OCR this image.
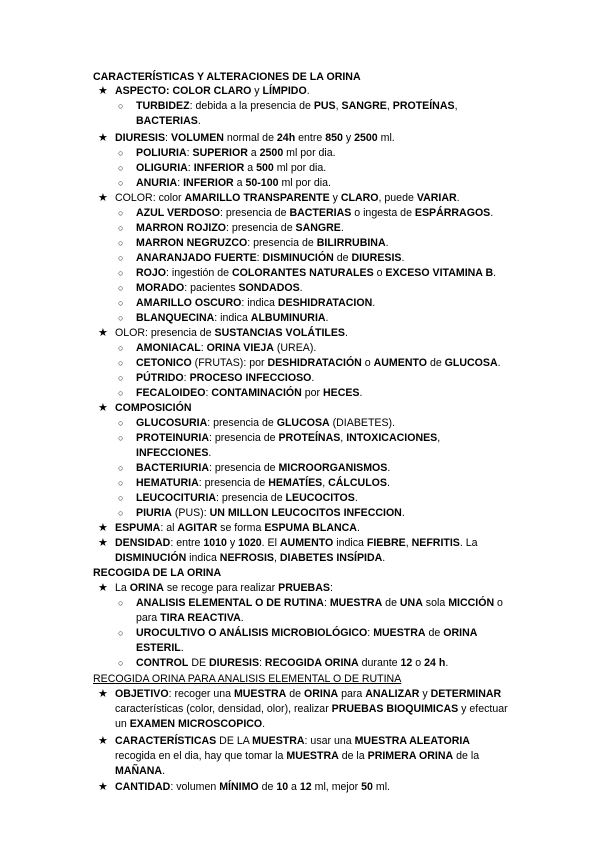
CARACTERÍSTICAS Y ALTERACIONES DE LA ORINA
★ ASPECTO: COLOR CLARO y LÍMPIDO.
○ TURBIDEZ: debida a la presencia de PUS, SANGRE, PROTEÍNAS,
BACTERIAS.
★ DIURESIS: VOLUMEN normal de 24h entre 850 y 2500 ml.
○ POLIURIA: SUPERIOR a 2500 ml por dia.
○ OLIGURIA: INFERIOR a 500 ml por dia.
○ ANURIA: INFERIOR a 50-100 ml por dia.
★ COLOR: color AMARILLO TRANSPARENTE y CLARO, puede VARIAR.
○ AZUL VERDOSO: presencia de BACTERIAS o ingesta de ESPÁRRAGOS.
○ MARRON ROJIZO: presencia de SANGRE.
○ MARRON NEGRUZCO: presencia de BILIRRUBINA.
○ ANARANJADO FUERTE: DISMINUCIÓN de DIURESIS.
○ ROJO: ingestión de COLORANTES NATURALES o EXCESO VITAMINA B.
○ MORADO: pacientes SONDADOS.
○ AMARILLO OSCURO: indica DESHIDRATACION.
○ BLANQUECINA: indica ALBUMINURIA.
★ OLOR: presencia de SUSTANCIAS VOLÁTILES.
○ AMONIACAL: ORINA VIEJA (UREA).
○ CETONICO (FRUTAS): por DESHIDRATACIÓN o AUMENTO de GLUCOSA.
○ PÚTRIDO: PROCESO INFECCIOSO.
○ FECALOIDEO: CONTAMINACIÓN por HECES.
★ COMPOSICIÓN
○ GLUCOSURIA: presencia de GLUCOSA (DIABETES).
○ PROTEINURIA: presencia de PROTEÍNAS, INTOXICACIONES,
INFECCIONES.
○ BACTERIURIA: presencia de MICROORGANISMOS.
○ HEMATURIA: presencia de HEMATÍES, CÁLCULOS.
○ LEUCOCITURIA: presencia de LEUCOCITOS.
○ PIURIA (PUS): UN MILLON LEUCOCITOS INFECCION.
★ ESPUMA: al AGITAR se forma ESPUMA BLANCA.
★ DENSIDAD: entre 1010 y 1020. El AUMENTO indica FIEBRE, NEFRITIS. La
DISMINUCIÓN indica NEFROSIS, DIABETES INSÍPIDA.
RECOGIDA DE LA ORINA
★ La ORINA se recoge para realizar PRUEBAS:
○ ANALISIS ELEMENTAL O DE RUTINA: MUESTRA de UNA sola MICCIÓN o
para TIRA REACTIVA.
○ UROCULTIVO O ANÁLISIS MICROBIOLÓGICO: MUESTRA de ORINA
ESTERIL.
○ CONTROL DE DIURESIS: RECOGIDA ORINA durante 12 o 24 h.
RECOGIDA ORINA PARA ANALISIS ELEMENTAL O DE RUTINA
★ OBJETIVO: recoger una MUESTRA de ORINA para ANALIZAR y DETERMINAR
características (color, densidad, olor), realizar PRUEBAS BIOQUIMICAS y efectuar
un EXAMEN MICROSCOPICO.
★ CARACTERÍSTICAS DE LA MUESTRA: usar una MUESTRA ALEATORIA
recogida en el dia, hay que tomar la MUESTRA de la PRIMERA ORINA de la
MAÑANA.
★ CANTIDAD: volumen MÍNIMO de 10 a 12 ml, mejor 50 ml.
